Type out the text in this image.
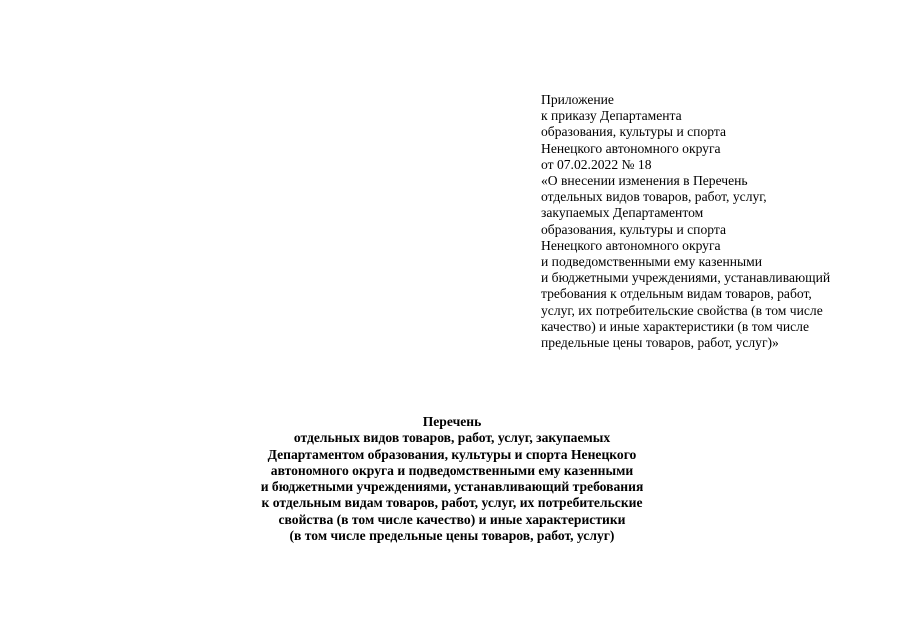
Приложение
к приказу Департамента
образования, культуры и спорта
Ненецкого автономного округа
от 07.02.2022 № 18
«О внесении изменения в Перечень
отдельных видов товаров, работ, услуг,
закупаемых Департаментом
образования, культуры и спорта
Ненецкого автономного округа
и подведомственными ему казенными
и бюджетными учреждениями, устанавливающий
требования к отдельным видам товаров, работ,
услуг, их потребительские свойства (в том числе
качество) и иные характеристики (в том числе
предельные цены товаров, работ, услуг)»
Перечень
отдельных видов товаров, работ, услуг, закупаемых
Департаментом образования, культуры и спорта Ненецкого
автономного округа и подведомственными ему казенными
и бюджетными учреждениями, устанавливающий требования
к отдельным видам товаров, работ, услуг, их потребительские
свойства (в том числе качество) и иные характеристики
(в том числе предельные цены товаров, работ, услуг)
